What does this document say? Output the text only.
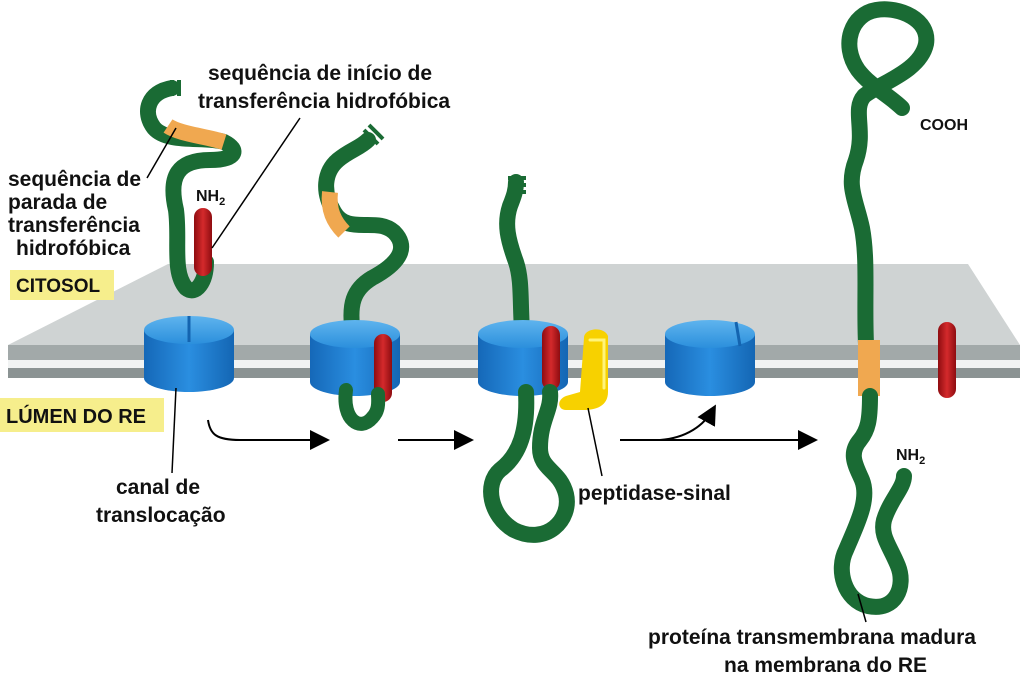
sequência de início de
transferência hidrofóbica
sequência de
parada de
transferência
hidrofóbica
$NH_2$
COOH
$NH_2$
CITOSOL
LÚMEN DO RE
canal de
translocação
peptidase-sinal
proteína transmembrana madura
na membrana do RE
